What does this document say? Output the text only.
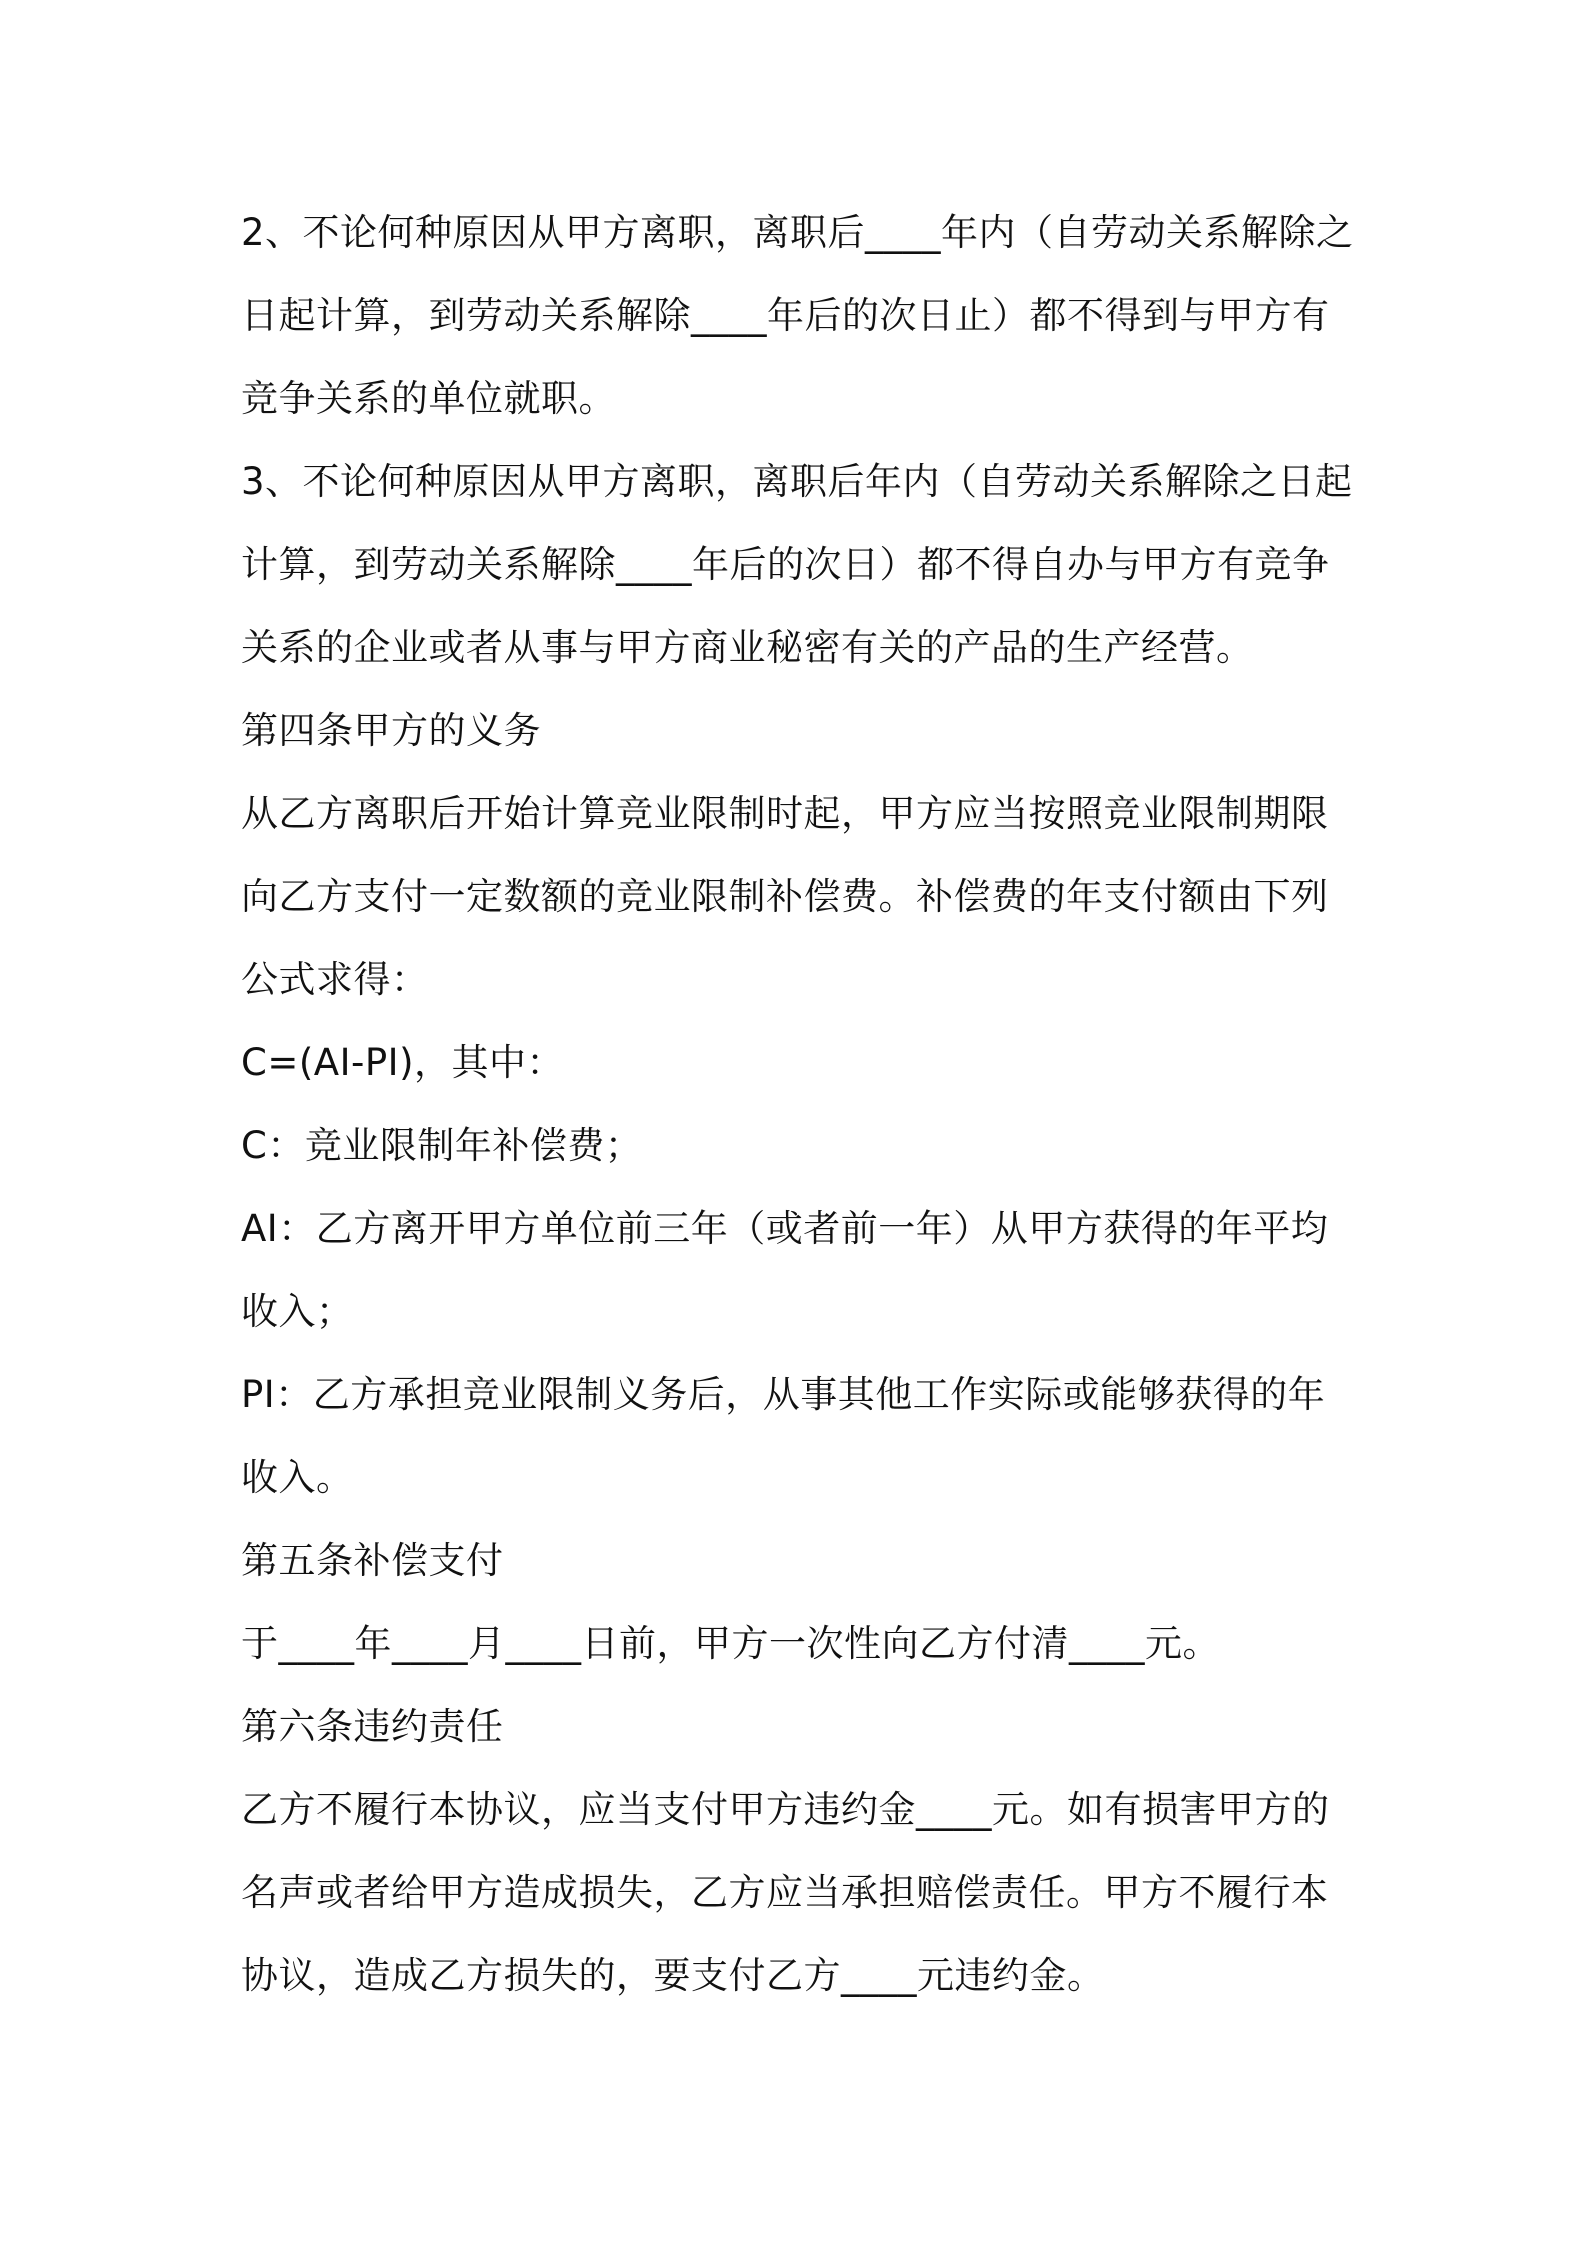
2、不论何种原因从甲方离职，离职后____年内（自劳动关系解除之日起计算，到劳动关系解除____年后的次日止）都不得到与甲方有竞争关系的单位就职。

3、不论何种原因从甲方离职，离职后年内（自劳动关系解除之日起计算，到劳动关系解除____年后的次日）都不得自办与甲方有竞争关系的企业或者从事与甲方商业秘密有关的产品的生产经营。

第四条甲方的义务

从乙方离职后开始计算竞业限制时起，甲方应当按照竞业限制期限向乙方支付一定数额的竞业限制补偿费。补偿费的年支付额由下列公式求得：

C=(AI-PI)，其中：

C：竞业限制年补偿费；

AI：乙方离开甲方单位前三年（或者前一年）从甲方获得的年平均收入；

PI：乙方承担竞业限制义务后，从事其他工作实际或能够获得的年收入。

第五条补偿支付

于____年____月____日前，甲方一次性向乙方付清____元。

第六条违约责任

乙方不履行本协议，应当支付甲方违约金____元。如有损害甲方的名声或者给甲方造成损失，乙方应当承担赔偿责任。甲方不履行本协议，造成乙方损失的，要支付乙方____元违约金。
